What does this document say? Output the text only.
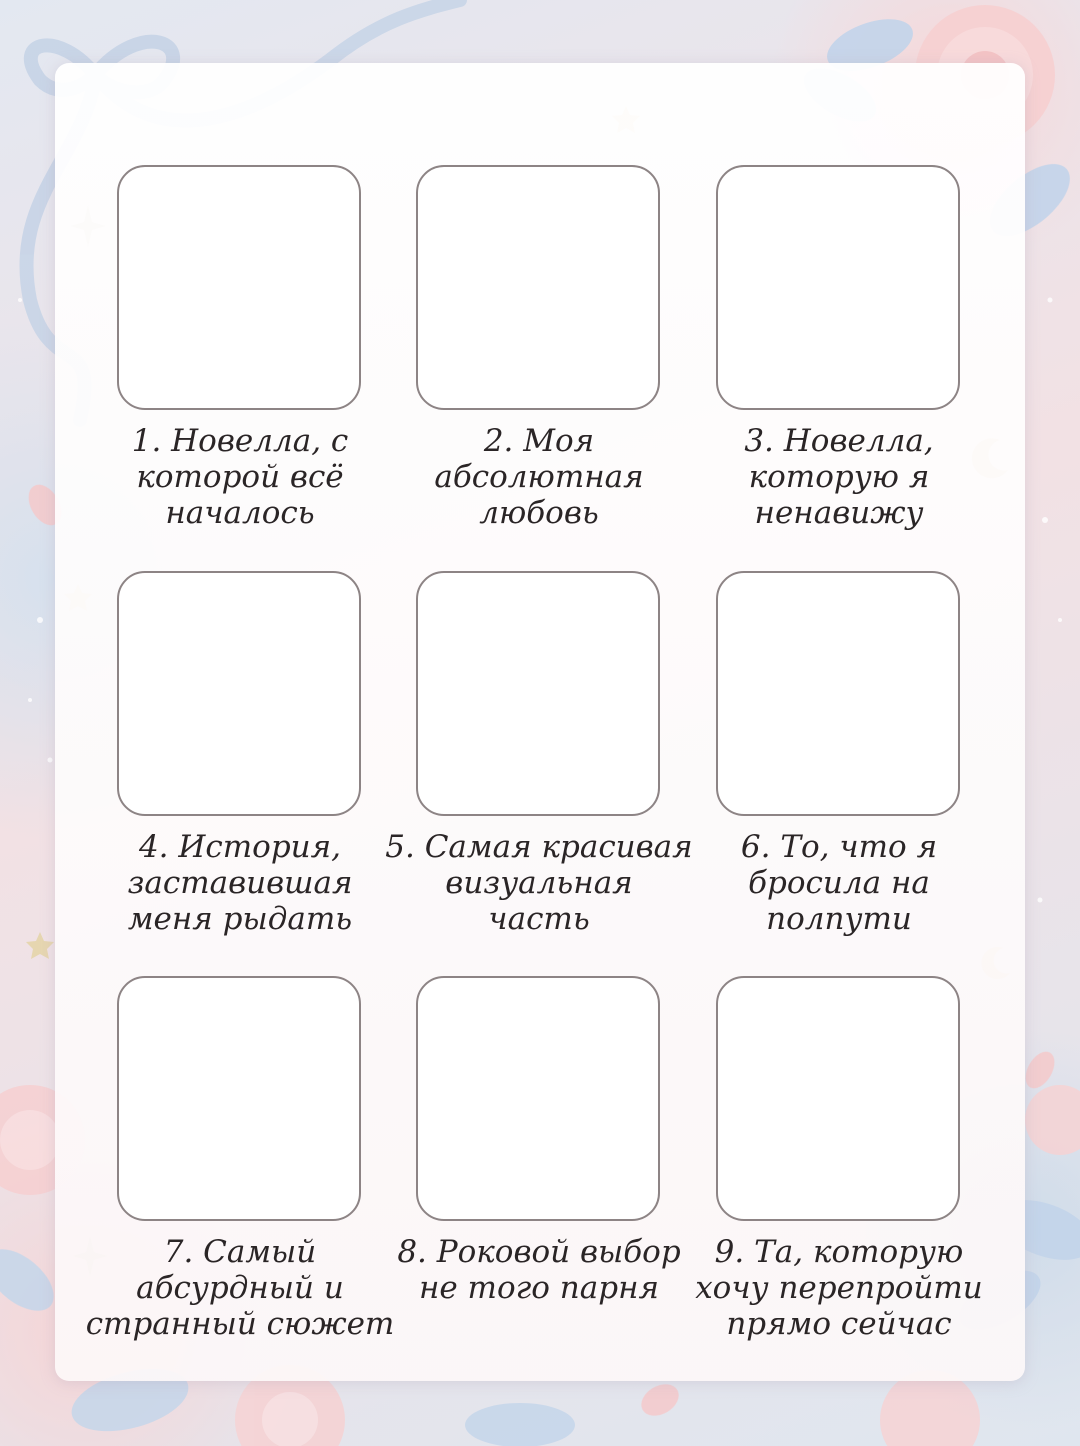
1. Новелла, с
которой всё
началось
2. Моя
абсолютная
любовь
3. Новелла,
которую я
ненавижу
4. История,
заставившая
меня рыдать
5. Самая красивая
визуальная
часть
6. То, что я
бросила на
полпути
7. Самый
абсурдный и
странный сюжет
8. Роковой выбор
не того парня
9. Та, которую
хочу перепройти
прямо сейчас
